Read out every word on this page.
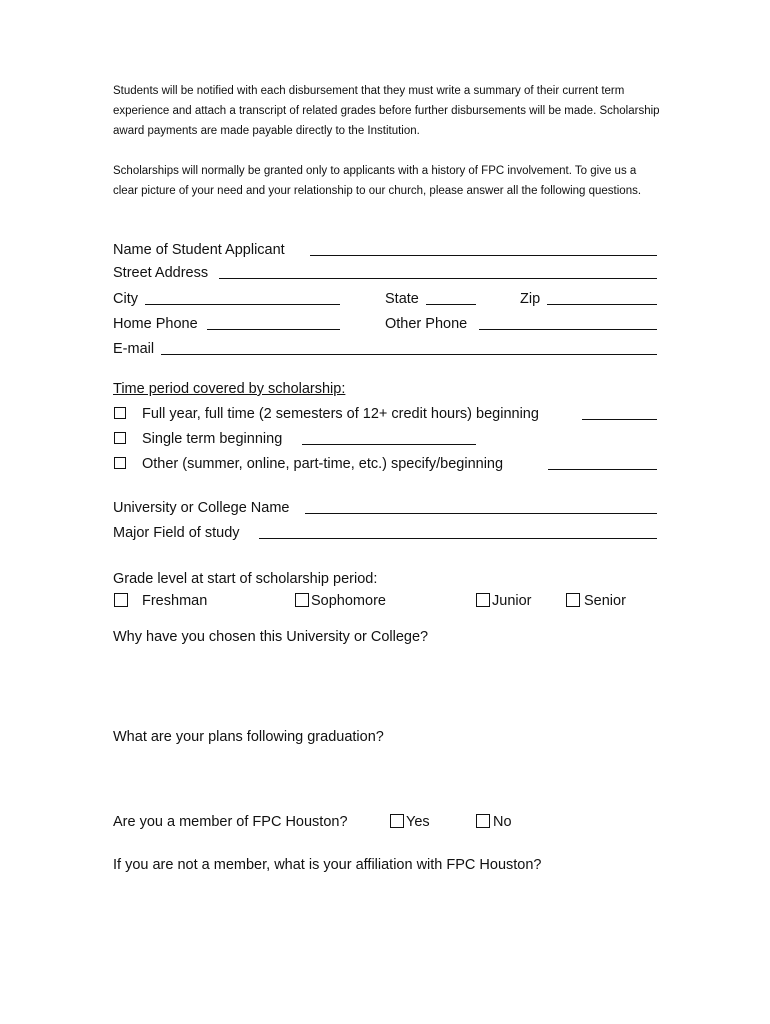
Students will be notified with each disbursement that they must write a summary of their current term experience and attach a transcript of related grades before further disbursements will be made. Scholarship award payments are made payable directly to the Institution.

Scholarships will normally be granted only to applicants with a history of FPC involvement. To give us a clear picture of your need and your relationship to our church, please answer all the following questions.

Name of Student Applicant
Street Address
City	State	Zip
Home Phone	Other Phone
E-mail
Time period covered by scholarship:
Full year, full time (2 semesters of 12+ credit hours) beginning
Single term beginning
Other (summer, online, part-time, etc.) specify/beginning
University or College Name
Major Field of study
Grade level at start of scholarship period:
Freshman	Sophomore	Junior	Senior
Why have you chosen this University or College?
What are your plans following graduation?
Are you a member of FPC Houston?	Yes	No
If you are not a member, what is your affiliation with FPC Houston?
